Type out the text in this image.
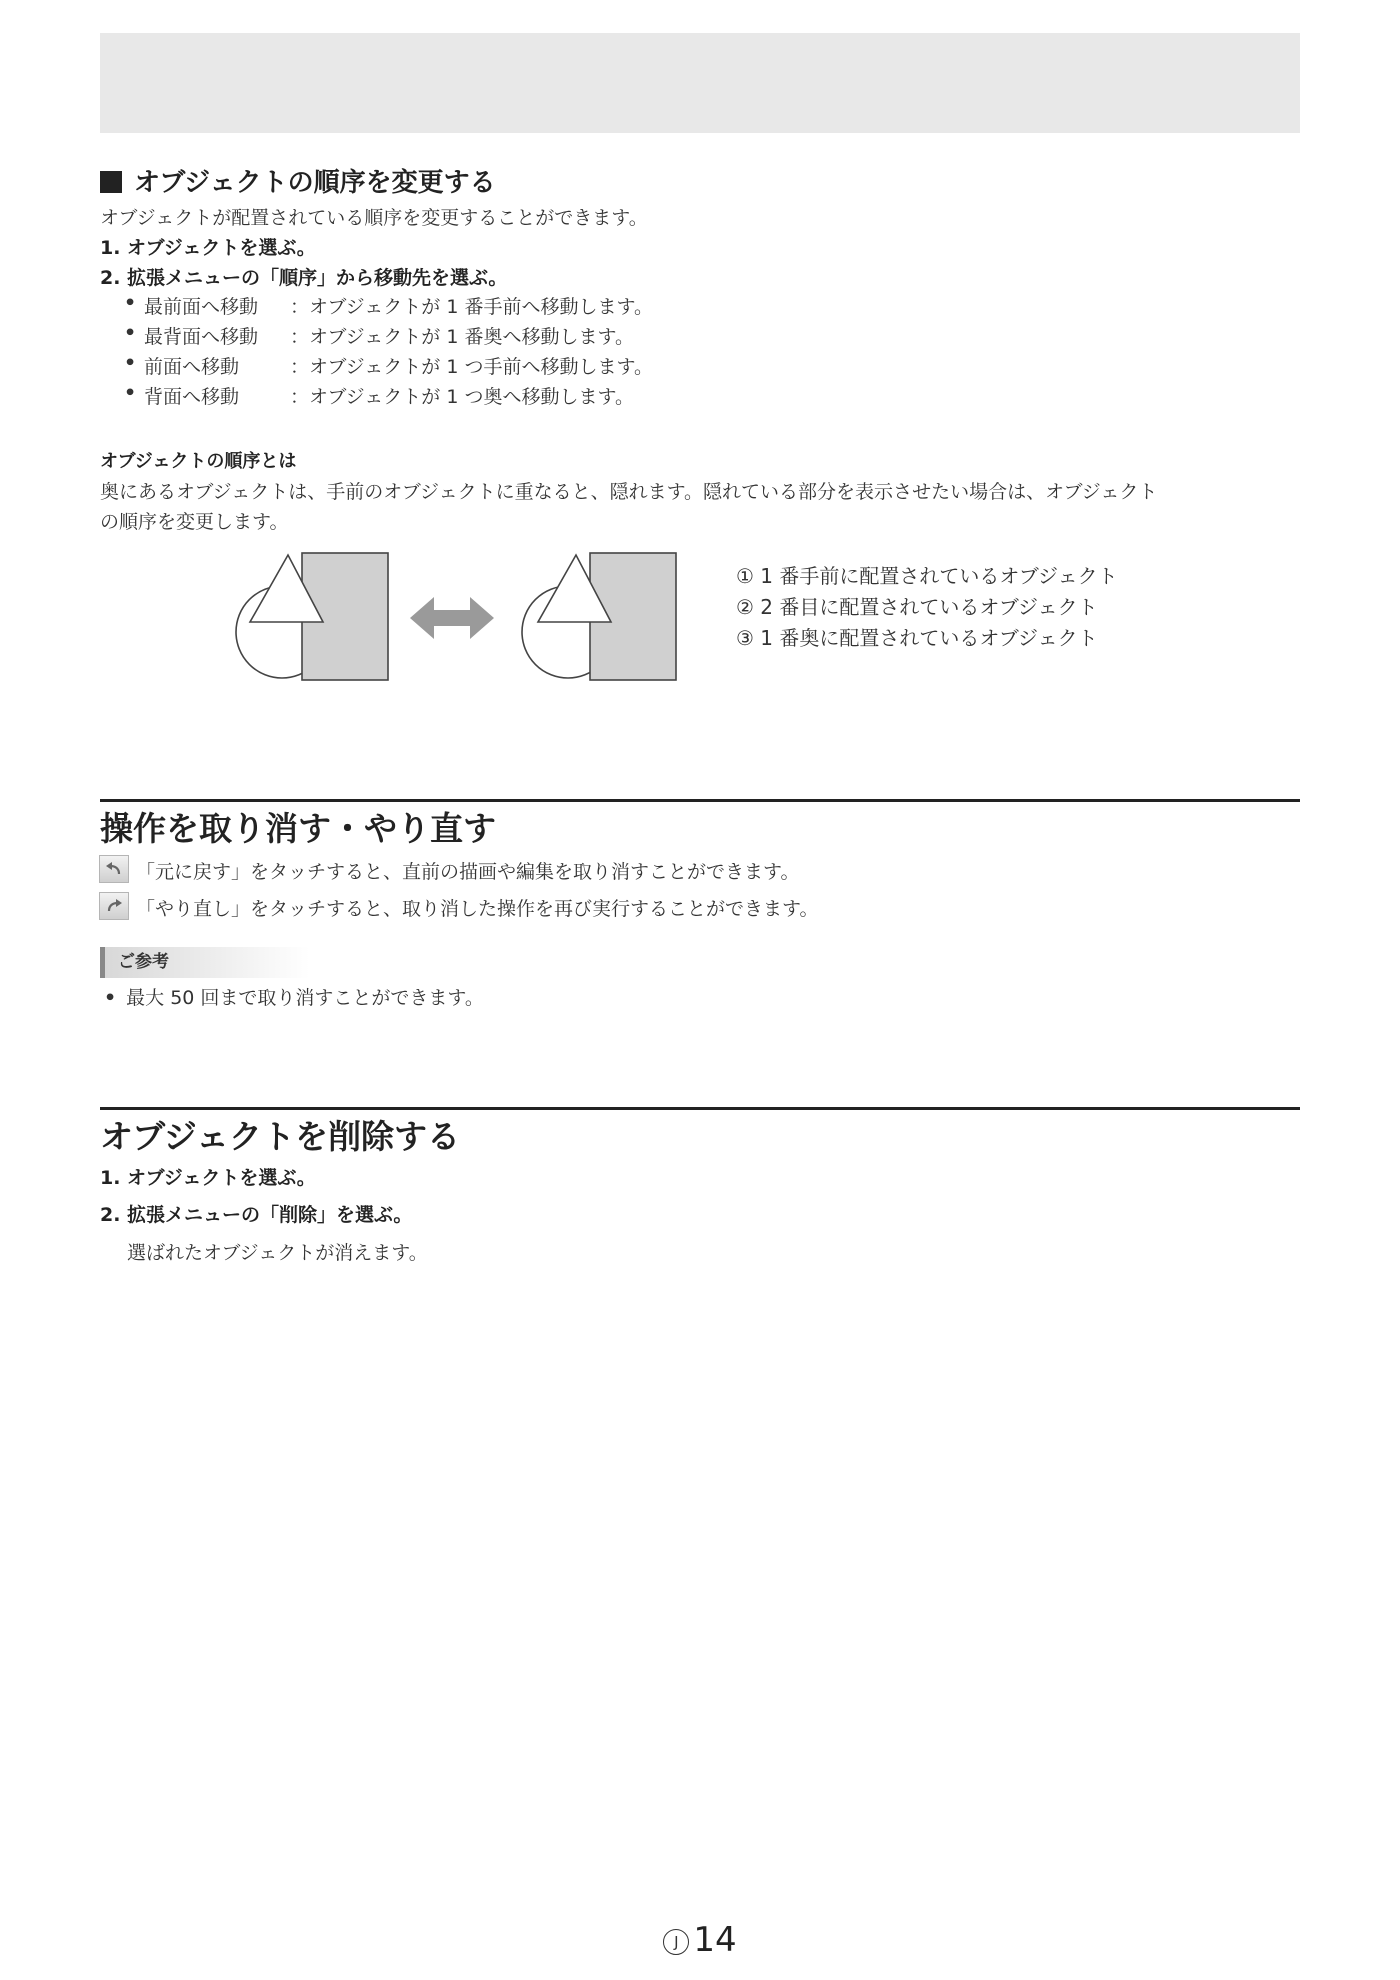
オブジェクトの順序を変更する
オブジェクトが配置されている順序を変更することができます。
1. オブジェクトを選ぶ。
2. 拡張メニューの「順序」から移動先を選ぶ。
• 最前面へ移動	：オブジェクトが 1 番手前へ移動します。
• 最背面へ移動	：オブジェクトが 1 番奥へ移動します。
• 前面へ移動	：オブジェクトが 1 つ手前へ移動します。
• 背面へ移動	：オブジェクトが 1 つ奥へ移動します。
オブジェクトの順序とは
奥にあるオブジェクトは、手前のオブジェクトに重なると、隠れます。隠れている部分を表示させたい場合は、オブジェクト
の順序を変更します。
① 1 番手前に配置されているオブジェクト
② 2 番目に配置されているオブジェクト
③ 1 番奥に配置されているオブジェクト
操作を取り消す・やり直す
「元に戻す」をタッチすると、直前の描画や編集を取り消すことができます。
「やり直し」をタッチすると、取り消した操作を再び実行することができます。
ご参考
• 最大 50 回まで取り消すことができます。
オブジェクトを削除する
1. オブジェクトを選ぶ。
2. 拡張メニューの「削除」を選ぶ。
選ばれたオブジェクトが消えます。
J 14
